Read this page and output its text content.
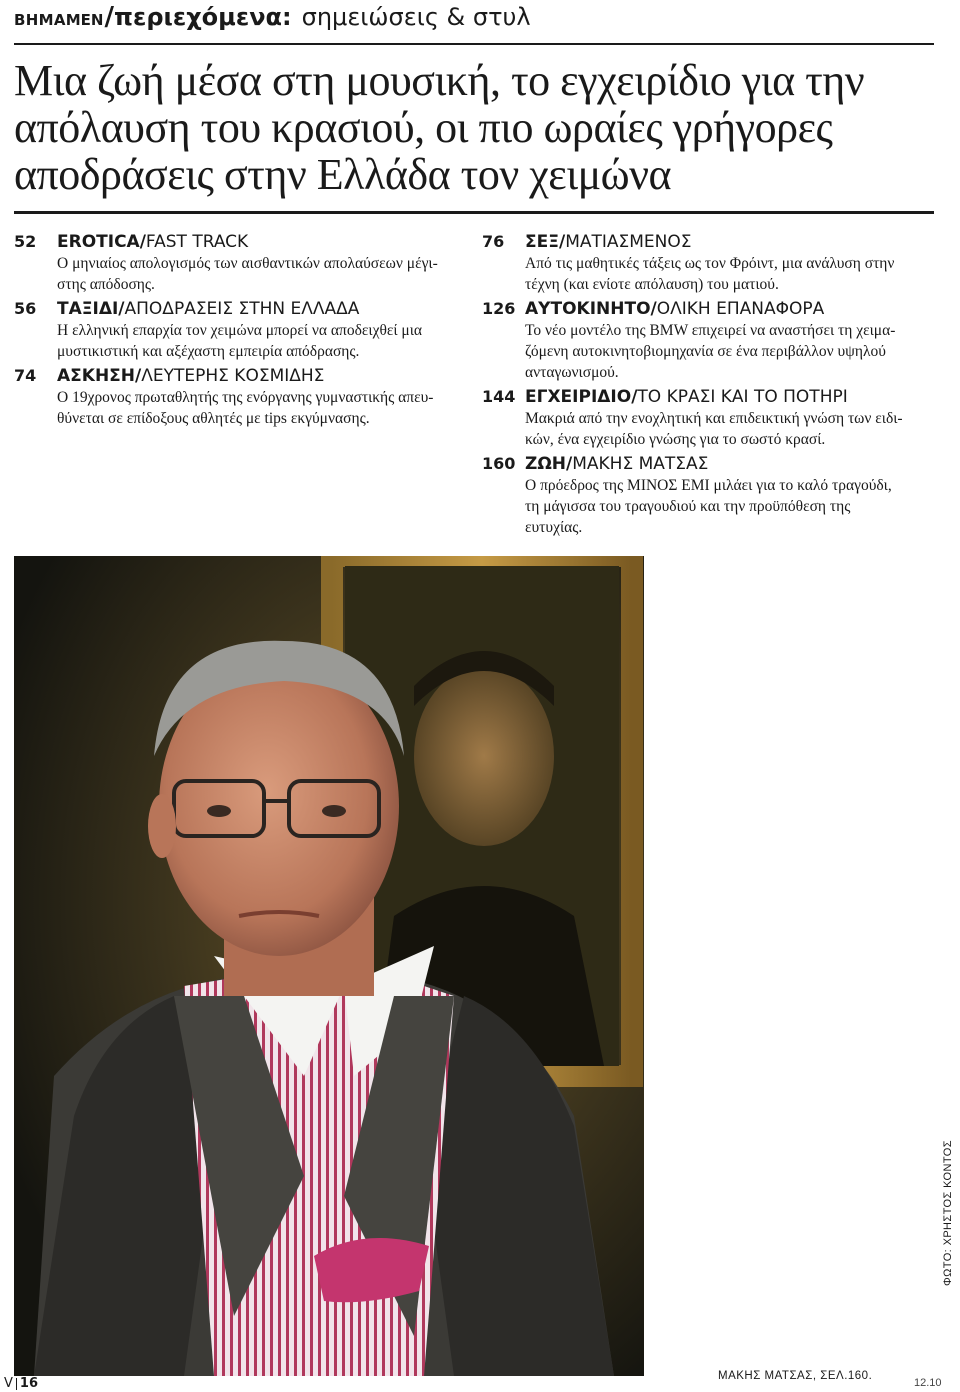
ΒΗΜΑ MEN / περιεχόμενα: σημειώσεις & στυλ
Μια ζωή μέσα στη μουσική, το εγχειρίδιο για την απόλαυση του κρασιού, οι πιο ωραίες γρήγορες αποδράσεις στην Ελλάδα τον χειμώνα
52	EROTICA/ FAST TRACK
Ο μηνιαίος απολογισμός των αισθαντικών απολαύσεων μέγι-
στης απόδοσης.
56	ΤΑΞΙΔΙ/ ΑΠΟΔΡΑΣΕΙΣ ΣΤΗΝ ΕΛΛΑΔΑ
Η ελληνική επαρχία τον χειμώνα μπορεί να αποδειχθεί μια
μυστικιστική και αξέχαστη εμπειρία απόδρασης.
74	ΑΣΚΗΣΗ/ ΛΕΥΤΕΡΗΣ ΚΟΣΜΙΔΗΣ
Ο 19χρονος πρωταθλητής της ενόργανης γυμναστικής απευ-
θύνεται σε επίδοξους αθλητές με tips εκγύμνασης.
76	ΣΕΞ/ ΜΑΤΙΑΣΜΕΝΟΣ
Από τις μαθητικές τάξεις ως τον Φρόιντ, μια ανάλυση στην
τέχνη (και ενίοτε απόλαυση) του ματιού.
126 ΑΥΤΟΚΙΝΗΤΟ/ ΟΛΙΚΗ ΕΠΑΝΑΦΟΡΑ
Το νέο μοντέλο της BMW επιχειρεί να αναστήσει τη χειμα-
ζόμενη αυτοκινητοβιομηχανία σε ένα περιβάλλον υψηλού
ανταγωνισμού.
144 ΕΓΧΕΙΡΙΔΙΟ/ ΤΟ ΚΡΑΣΙ ΚΑΙ ΤΟ ΠΟΤΗΡΙ
Μακριά από την ενοχλητική και επιδεικτική γνώση των ειδι-
κών, ένα εγχειρίδιο γνώσης για το σωστό κρασί.
160 ΖΩΗ/ ΜΑΚΗΣ ΜΑΤΣΑΣ
Ο πρόεδρος της ΜΙΝΟΣ ΕΜΙ μιλάει για το καλό τραγούδι,
τη μάγισσα του τραγουδιού και την προϋπόθεση της
ευτυχίας.
ΜΑΚΗΣ ΜΑΤΣΑΣ, ΣΕΛ.160.
ΦΩΤΟ: ΧΡΗΣΤΟΣ ΚΟΝΤΟΣ
V 16	12.10
